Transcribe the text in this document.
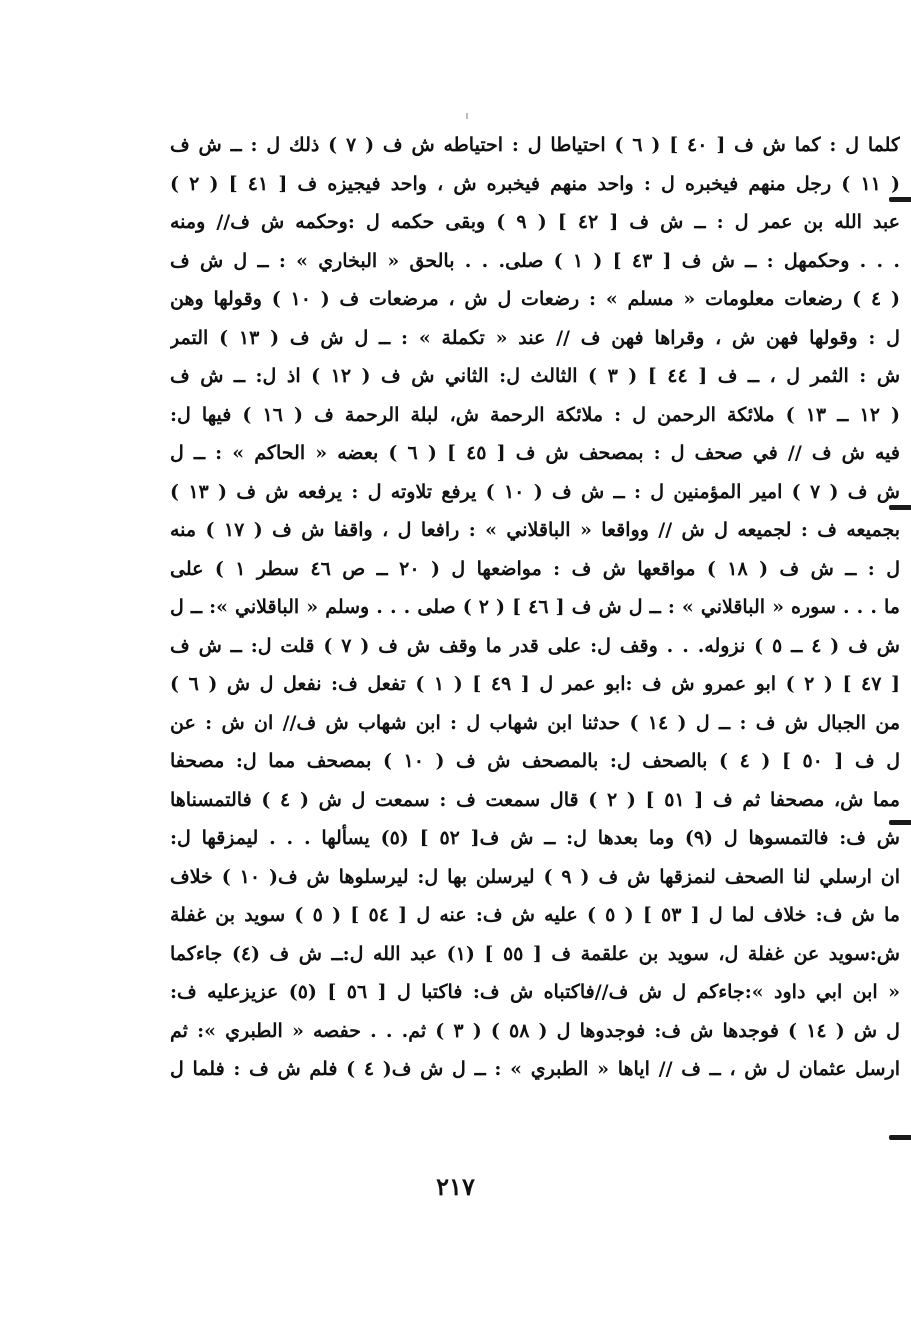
كلما ل : كما ش ف [ ٤٠ ] ( ٦ ) احتياطا ل : احتياطه ش ف ( ٧ ) ذلك ل : ــ ش ف
( ١١ ) رجل منهم فيخبره ل : واحد منهم فيخبره ش ، واحد فيجيزه ف [ ٤١ ] ( ٢ )
عبد الله بن عمر ل : ــ ش ف [ ٤٢ ] ( ٩ ) وبقى حكمه ل :وحكمه ش ف// ومنه
. . . وحكمهل : ــ ش ف [ ٤٣ ] ( ١ ) صلى. . . بالحق « البخاري » : ــ ل ش ف
( ٤ ) رضعات معلومات « مسلم » : رضعات ل ش ، مرضعات ف ( ١٠ ) وقولها وهن
ل : وقولها فهن ش ، وقراها فهن ف // عند « تكملة » : ــ ل ش ف ( ١٣ ) التمر
ش : الثمر ل ، ــ ف [ ٤٤ ] ( ٣ ) الثالث ل: الثاني ش ف ( ١٢ ) اذ ل: ــ ش ف
( ١٢ ــ ١٣ ) ملائكة الرحمن ل : ملائكة الرحمة ش، لبلة الرحمة ف ( ١٦ ) فيها ل:
فيه ش ف // في صحف ل : بمصحف ش ف [ ٤٥ ] ( ٦ ) بعضه « الحاكم » : ــ ل
ش ف ( ٧ ) امير المؤمنين ل : ــ ش ف ( ١٠ ) يرفع تلاوته ل : يرفعه ش ف ( ١٣ )
بجميعه ف : لجميعه ل ش // وواقعا « الباقلاني » : رافعا ل ، واقفا ش ف ( ١٧ ) منه
ل : ــ ش ف ( ١٨ ) مواقعها ش ف : مواضعها ل ( ٢٠ ــ ص ٤٦ سطر ١ ) على
ما . . . سوره « الباقلاني » : ــ ل ش ف [ ٤٦ ] ( ٢ ) صلى . . . وسلم « الباقلاني »: ــ ل
ش ف ( ٤ ــ ٥ ) نزوله. . . وقف ل: على قدر ما وقف ش ف ( ٧ ) قلت ل: ــ ش ف
[ ٤٧ ] ( ٢ ) ابو عمرو ش ف :ابو عمر ل [ ٤٩ ] ( ١ ) تفعل ف: نفعل ل ش ( ٦ )
من الجبال ش ف : ــ ل ( ١٤ ) حدثنا ابن شهاب ل : ابن شهاب ش ف// ان ش : عن
ل ف [ ٥٠ ] ( ٤ ) بالصحف ل: بالمصحف ش ف ( ١٠ ) بمصحف مما ل: مصحفا
مما ش، مصحفا ثم ف [ ٥١ ] ( ٢ ) قال سمعت ف : سمعت ل ش ( ٤ ) فالتمسناها
ش ف: فالتمسوها ل (٩) وما بعدها ل: ــ ش ف[ ٥٢ ] (٥) يسألها . . . ليمزقها ل:
ان ارسلي لنا الصحف لنمزقها ش ف ( ٩ ) ليرسلن بها ل: ليرسلوها ش ف( ١٠ ) خلاف
ما ش ف: خلاف لما ل [ ٥٣ ] ( ٥ ) عليه ش ف: عنه ل [ ٥٤ ] ( ٥ ) سويد بن غفلة
ش:سويد عن غفلة ل، سويد بن علقمة ف [ ٥٥ ] (١) عبد الله ل:ــ ش ف (٤) جاءكما
« ابن ابي داود »:جاءكم ل ش ف//فاكتباه ش ف: فاكتبا ل [ ٥٦ ] (٥) عزيزعليه ف:
ل ش ( ١٤ ) فوجدها ش ف: فوجدوها ل ( ٥٨ ) ( ٣ ) ثم. . . حفصه « الطبري »: ثم
ارسل عثمان ل ش ، ــ ف // اياها « الطبري » : ــ ل ش ف( ٤ ) فلم ش ف : فلما ل
٢١٧
